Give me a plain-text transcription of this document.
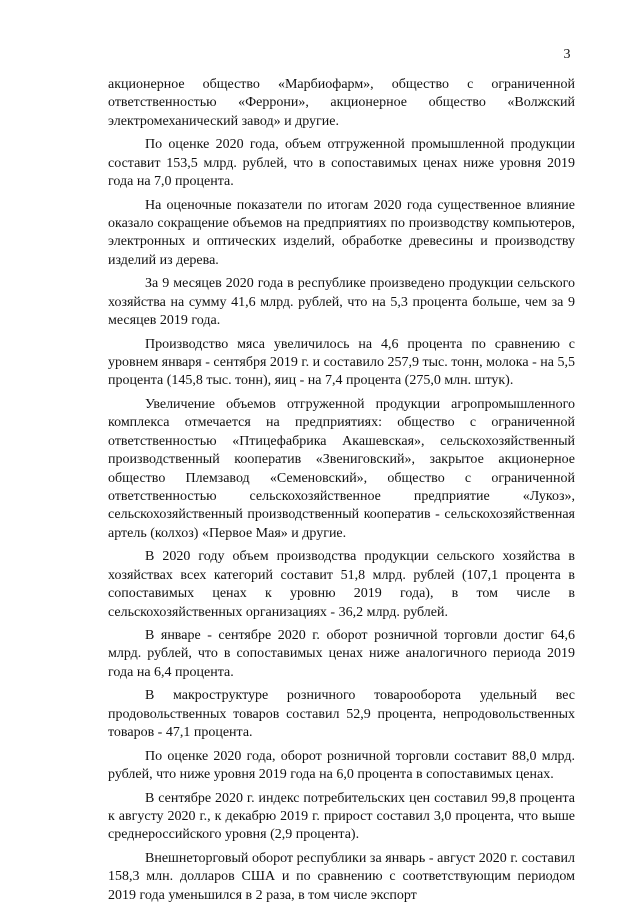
3

акционерное общество «Марбиофарм», общество с ограниченной ответственностью «Феррони», акционерное общество «Волжский электромеханический завод» и другие.

По оценке 2020 года, объем отгруженной промышленной продукции составит 153,5 млрд. рублей, что в сопоставимых ценах ниже уровня 2019 года на 7,0 процента.

На оценочные показатели по итогам 2020 года существенное влияние оказало сокращение объемов на предприятиях по производству компьютеров, электронных и оптических изделий, обработке древесины и производству изделий из дерева.

За 9 месяцев 2020 года в республике произведено продукции сельского хозяйства на сумму 41,6 млрд. рублей, что на 5,3 процента больше, чем за 9 месяцев 2019 года.

Производство мяса увеличилось на 4,6 процента по сравнению с уровнем января - сентября 2019 г. и составило 257,9 тыс. тонн, молока - на 5,5 процента (145,8 тыс. тонн), яиц - на 7,4 процента (275,0 млн. штук).

Увеличение объемов отгруженной продукции агропромышленного комплекса отмечается на предприятиях: общество с ограниченной ответственностью «Птицефабрика Акашевская», сельскохозяйственный производственный кооператив «Звениговский», закрытое акционерное общество Племзавод «Семеновский», общество с ограниченной ответственностью сельскохозяйственное предприятие «Лукоз», сельскохозяйственный производственный кооператив - сельскохозяйственная артель (колхоз) «Первое Мая» и другие.

В 2020 году объем производства продукции сельского хозяйства в хозяйствах всех категорий составит 51,8 млрд. рублей (107,1 процента в сопоставимых ценах к уровню 2019 года), в том числе в сельскохозяйственных организациях - 36,2 млрд. рублей.

В январе - сентябре 2020 г. оборот розничной торговли достиг 64,6 млрд. рублей, что в сопоставимых ценах ниже аналогичного периода 2019 года на 6,4 процента.

В макроструктуре розничного товарооборота удельный вес продовольственных товаров составил 52,9 процента, непродовольственных товаров - 47,1 процента.

По оценке 2020 года, оборот розничной торговли составит 88,0 млрд. рублей, что ниже уровня 2019 года на 6,0 процента в сопоставимых ценах.

В сентябре 2020 г. индекс потребительских цен составил 99,8 процента к августу 2020 г., к декабрю 2019 г. прирост составил 3,0 процента, что выше среднероссийского уровня (2,9 процента).

Внешнеторговый оборот республики за январь - август 2020 г. составил 158,3 млн. долларов США и по сравнению с соответствующим периодом 2019 года уменьшился в 2 раза, в том числе экспорт
